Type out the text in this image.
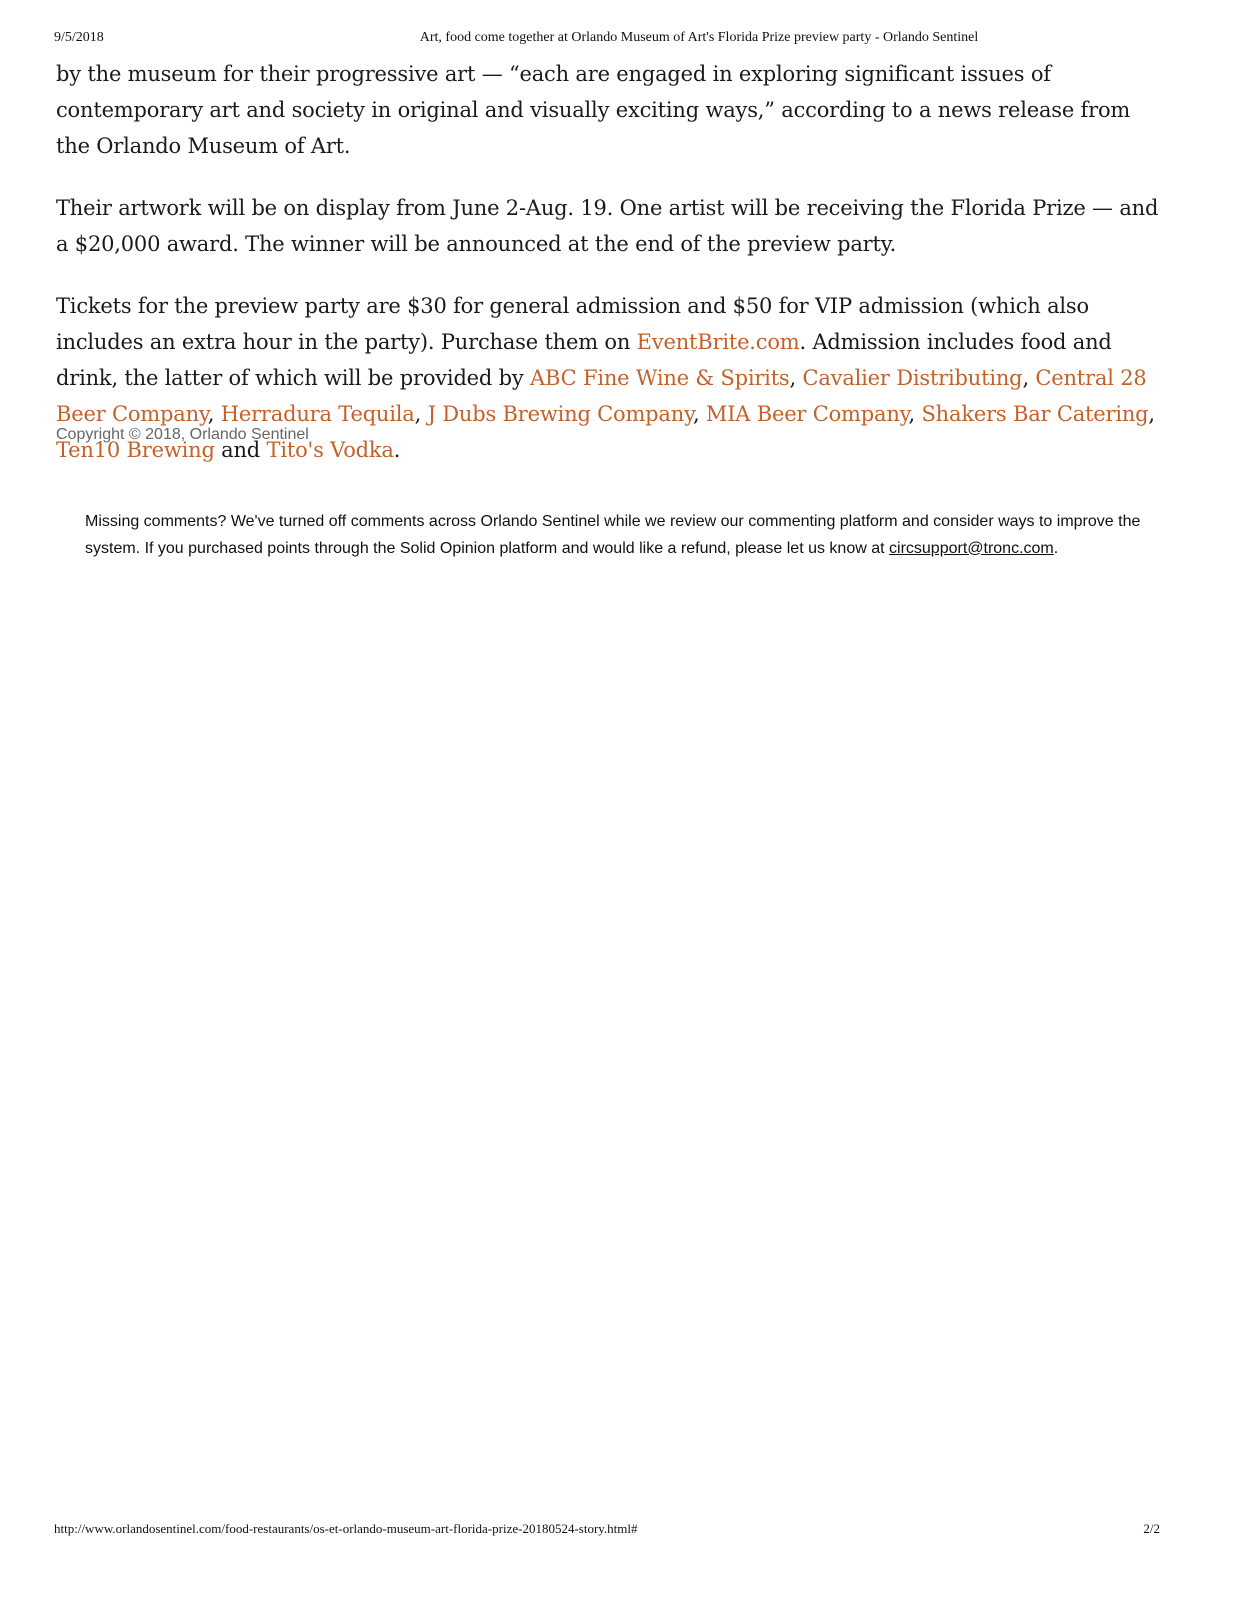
9/5/2018	Art, food come together at Orlando Museum of Art's Florida Prize preview party - Orlando Sentinel

by the museum for their progressive art — “each are engaged in exploring significant issues of contemporary art and society in original and visually exciting ways,” according to a news release from the Orlando Museum of Art.

Their artwork will be on display from June 2-Aug. 19. One artist will be receiving the Florida Prize — and a $20,000 award. The winner will be announced at the end of the preview party.

Tickets for the preview party are $30 for general admission and $50 for VIP admission (which also includes an extra hour in the party). Purchase them on EventBrite.com. Admission includes food and drink, the latter of which will be provided by ABC Fine Wine & Spirits, Cavalier Distributing, Central 28 Beer Company, Herradura Tequila, J Dubs Brewing Company, MIA Beer Company, Shakers Bar Catering, Ten10 Brewing and Tito's Vodka.

Copyright © 2018, Orlando Sentinel
Missing comments? We've turned off comments across Orlando Sentinel while we review our commenting platform and consider ways to improve the system. If you purchased points through the Solid Opinion platform and would like a refund, please let us know at circsupport@tronc.com.
http://www.orlandosentinel.com/food-restaurants/os-et-orlando-museum-art-florida-prize-20180524-story.html#	2/2
